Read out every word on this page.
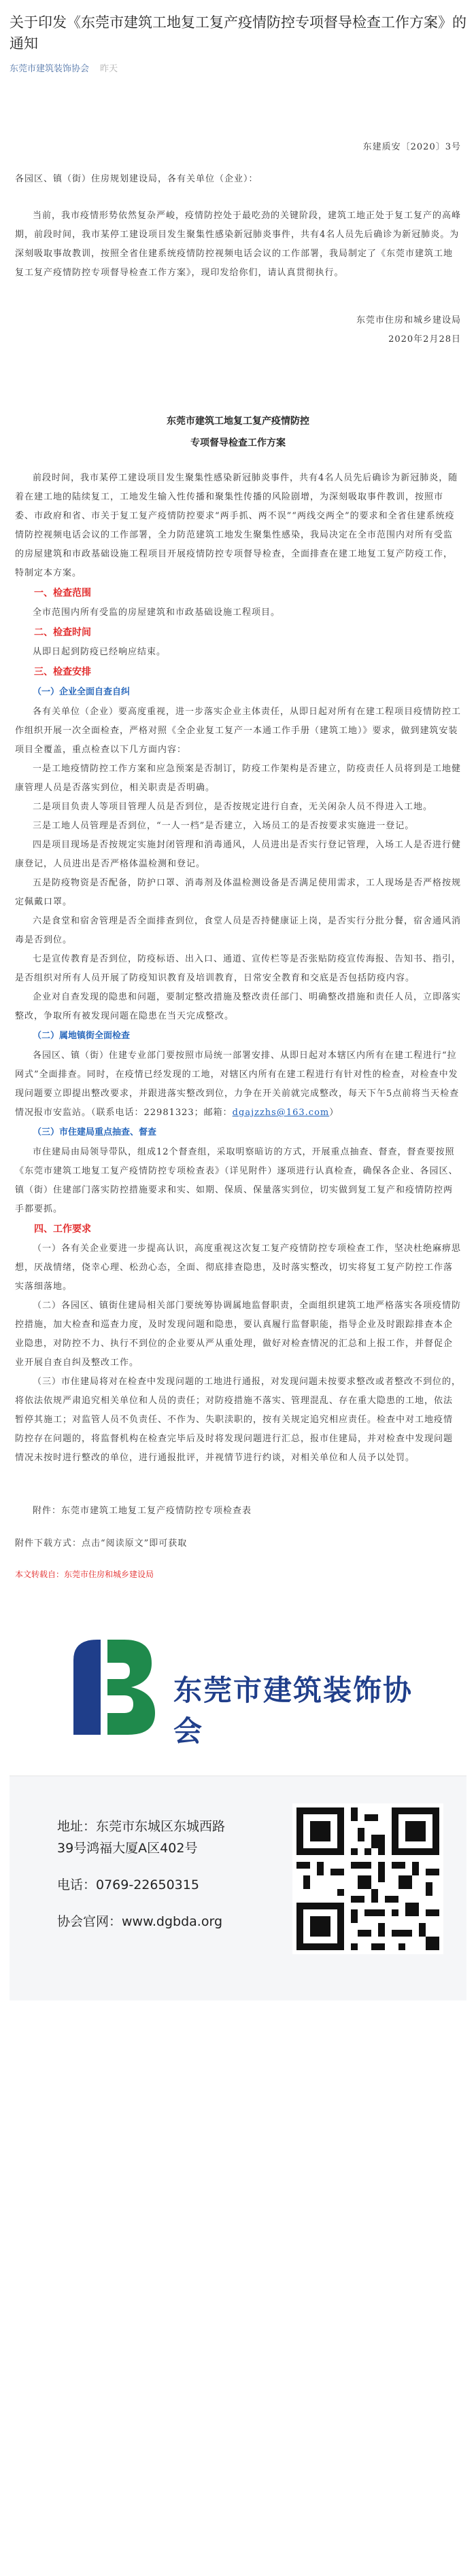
关于印发《东莞市建筑工地复工复产疫情防控专项督导检查工作方案》的通知
东莞市建筑装饰协会 昨天
东建质安〔2020〕3号

各园区、镇（街）住房规划建设局，各有关单位（企业）：

当前，我市疫情形势依然复杂严峻，疫情防控处于最吃劲的关键阶段，建筑工地正处于复工复产的高峰期，前段时间，我市某停工建设项目发生聚集性感染新冠肺炎事件，共有4名人员先后确诊为新冠肺炎。为深刻吸取事故教训，按照全省住建系统疫情防控视频电话会议的工作部署，我局制定了《东莞市建筑工地复工复产疫情防控专项督导检查工作方案》，现印发给你们，请认真贯彻执行。

东莞市住房和城乡建设局
2020年2月28日
东莞市建筑工地复工复产疫情防控
专项督导检查工作方案

前段时间，我市某停工建设项目发生聚集性感染新冠肺炎事件，共有4名人员先后确诊为新冠肺炎，随着在建工地的陆续复工，工地发生输入性传播和聚集性传播的风险剧增，为深刻吸取事件教训，按照市委、市政府和省、市关于复工复产疫情防控要求“两手抓、两不误”“两线交两全”的要求和全省住建系统疫情防控视频电话会议的工作部署，全力防范建筑工地发生聚集性感染，我局决定在全市范围内对所有受监的房屋建筑和市政基础设施工程项目开展疫情防控专项督导检查，全面排查在建工地复工复产防疫工作，特制定本方案。

一、检查范围

全市范围内所有受监的房屋建筑和市政基础设施工程项目。

二、检查时间

从即日起到防疫已经响应结束。

三、检查安排

（一）企业全面自查自纠

各有关单位（企业）要高度重视，进一步落实企业主体责任，从即日起对所有在建工程项目疫情防控工作组织开展一次全面检查，严格对照《全企业复工复产一本通工作手册（建筑工地）》要求，做到建筑安装项目全覆盖，重点检查以下几方面内容：

一是工地疫情防控工作方案和应急预案是否制订，防疫工作架构是否建立，防疫责任人员将到是工地健康管理人员是否落实到位，相关职责是否明确。

二是项目负责人等项目管理人员是否到位，是否按规定进行自查，无关闲杂人员不得进入工地。

三是工地人员管理是否到位，“一人一档”是否建立，入场员工的是否按要求实施进一登记。

四是项目现场是否按规定实施封闭管理和消毒通风，人员进出是否实行登记管理，入场工人是否进行健康登记，人员进出是否严格体温检测和登记。

五是防疫物资是否配备，防护口罩、消毒剂及体温检测设备是否满足使用需求，工人现场是否严格按规定佩戴口罩。

六是食堂和宿舍管理是否全面排查到位，食堂人员是否持健康证上岗，是否实行分批分餐，宿舍通风消毒是否到位。

七是宣传教育是否到位，防疫标语、出入口、通道、宣传栏等是否张贴防疫宣传海报、告知书、指引，是否组织对所有人员开展了防疫知识教育及培训教育，日常安全教育和交底是否包括防疫内容。

企业对自查发现的隐患和问题，要制定整改措施及整改责任部门、明确整改措施和责任人员，立即落实整改，争取所有被发现问题在隐患在当天完成整改。

（二）属地镇街全面检查

各园区、镇（街）住建专业部门要按照市局统一部署安排、从即日起对本辖区内所有在建工程进行“拉网式”全面排查。同时，在疫情已经发现的工地，对辖区内所有在建工程进行有针对性的检查，对检查中发现问题要立即提出整改要求，并跟进落实整改到位，力争在开关前就完成整改，每天下午5点前将当天检查情况报市安监站。（联系电话：22981323；邮箱：dgajzzhs@163.com）

（三）市住建局重点抽查、督查

市住建局由局领导带队，组成12个督查组，采取明察暗访的方式，开展重点抽查、督查，督查要按照《东莞市建筑工地复工复产疫情防控专项检查表》（详见附件）逐项进行认真检查，确保各企业、各园区、镇（街）住建部门落实防控措施要求和实、如期、保质、保量落实到位，切实做到复工复产和疫情防控两手都要抓。

四、工作要求

（一）各有关企业要进一步提高认识，高度重视这次复工复产疫情防控专项检查工作，坚决杜绝麻痹思想，厌战情绪，侥幸心理、松劲心态，全面、彻底排查隐患，及时落实整改，切实将复工复产防控工作落实落细落地。

（二）各园区、镇街住建局相关部门要统筹协调属地监督职责，全面组织建筑工地严格落实各项疫情防控措施，加大检查和巡查力度，及时发现问题和隐患，要认真履行监督职能，指导企业及时跟踪排查本企业隐患，对防控不力、执行不到位的企业要从严从重处理，做好对检查情况的汇总和上报工作，并督促企业开展自查自纠及整改工作。

（三）市住建局将对在检查中发现问题的工地进行通报，对发现问题未按要求整改或者整改不到位的，将依法依规严肃追究相关单位和人员的责任；对防疫措施不落实、管理混乱、存在重大隐患的工地，依法暂停其施工；对监管人员不负责任、不作为、失职渎职的，按有关规定追究相应责任。检查中对工地疫情防控存在问题的，将监督机构在检查完毕后及时将发现问题进行汇总，报市住建局，并对检查中发现问题情况未按时进行整改的单位，进行通报批评，并视情节进行约谈，对相关单位和人员予以处罚。

附件：东莞市建筑工地复工复产疫情防控专项检查表

附件下载方式：点击“阅读原文”即可获取

本文转载自：东莞市住房和城乡建设局
东莞市建筑装饰协会
地址：东莞市东城区东城西路
39号鸿福大厦A区402号
电话：0769-22650315
协会官网：www.dgbda.org
